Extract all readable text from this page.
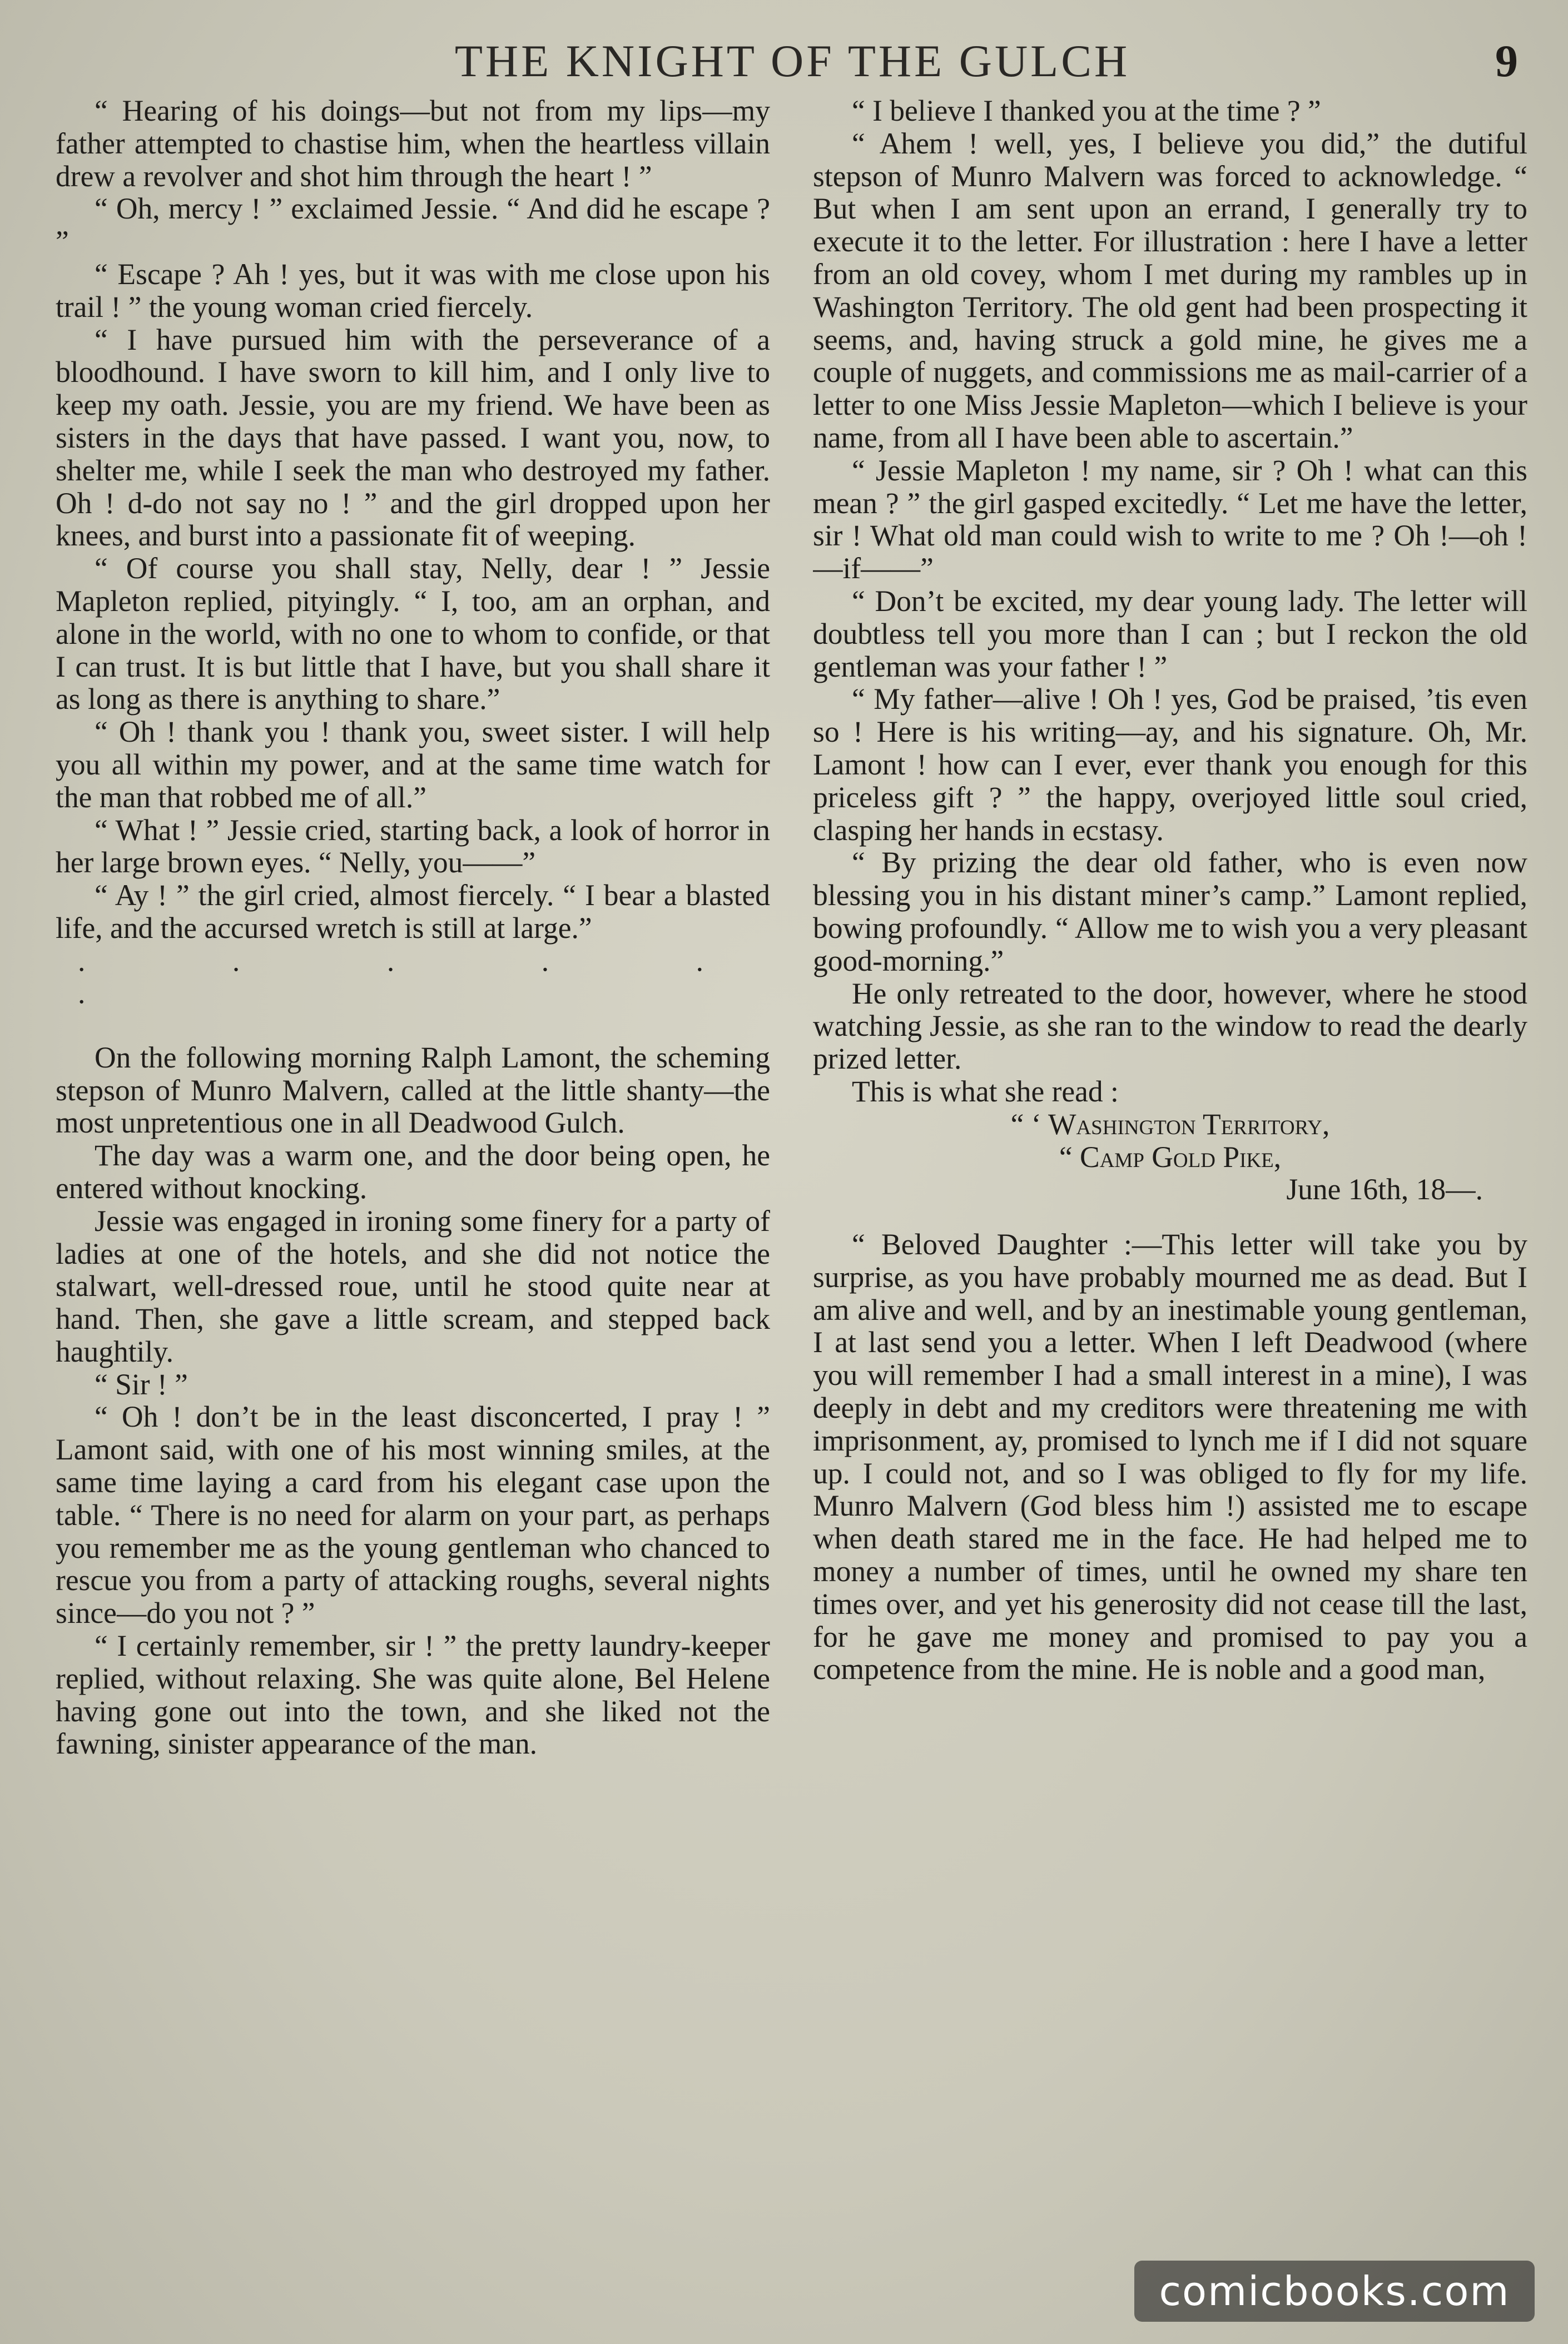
THE KNIGHT OF THE GULCH	9

“ Hearing of his doings—but not from my lips—my father attempted to chastise him, when the heartless villain drew a revolver and shot him through the heart ! ”

“ Oh, mercy ! ” exclaimed Jessie. “ And did he escape ? ”

“ Escape ? Ah ! yes, but it was with me close upon his trail ! ” the young woman cried fiercely.

“ I have pursued him with the perseverance of a bloodhound. I have sworn to kill him, and I only live to keep my oath. Jessie, you are my friend. We have been as sisters in the days that have passed. I want you, now, to shelter me, while I seek the man who destroyed my father. Oh ! d-do not say no ! ” and the girl dropped upon her knees, and burst into a passionate fit of weeping.

“ Of course you shall stay, Nelly, dear ! ” Jessie Mapleton replied, pityingly. “ I, too, am an orphan, and alone in the world, with no one to whom to confide, or that I can trust. It is but little that I have, but you shall share it as long as there is anything to share.”

“ Oh ! thank you ! thank you, sweet sister. I will help you all within my power, and at the same time watch for the man that robbed me of all.”

“ What ! ” Jessie cried, starting back, a look of horror in her large brown eyes. “ Nelly, you——”

“ Ay ! ” the girl cried, almost fiercely. “ I bear a blasted life, and the accursed wretch is still at large.”

. . . . . .

On the following morning Ralph Lamont, the scheming stepson of Munro Malvern, called at the little shanty—the most unpretentious one in all Deadwood Gulch.

The day was a warm one, and the door being open, he entered without knocking.

Jessie was engaged in ironing some finery for a party of ladies at one of the hotels, and she did not notice the stalwart, well-dressed roue, until he stood quite near at hand. Then, she gave a little scream, and stepped back haughtily.

“ Sir ! ”

“ Oh ! don’t be in the least disconcerted, I pray ! ” Lamont said, with one of his most winning smiles, at the same time laying a card from his elegant case upon the table. “ There is no need for alarm on your part, as perhaps you remember me as the young gentleman who chanced to rescue you from a party of attacking roughs, several nights since—do you not ? ”

“ I certainly remember, sir ! ” the pretty laundry-keeper replied, without relaxing. She was quite alone, Bel Helene having gone out into the town, and she liked not the fawning, sinister appearance of the man.

“ I believe I thanked you at the time ? ”

“ Ahem ! well, yes, I believe you did,” the dutiful stepson of Munro Malvern was forced to acknowledge. “ But when I am sent upon an errand, I generally try to execute it to the letter. For illustration : here I have a letter from an old covey, whom I met during my rambles up in Washington Territory. The old gent had been prospecting it seems, and, having struck a gold mine, he gives me a couple of nuggets, and commissions me as mail-carrier of a letter to one Miss Jessie Mapleton—which I believe is your name, from all I have been able to ascertain.”

“ Jessie Mapleton ! my name, sir ? Oh ! what can this mean ? ” the girl gasped excitedly. “ Let me have the letter, sir ! What old man could wish to write to me ? Oh !—oh !—if——”

“ Don’t be excited, my dear young lady. The letter will doubtless tell you more than I can ; but I reckon the old gentleman was your father ! ”

“ My father—alive ! Oh ! yes, God be praised, ’tis even so ! Here is his writing—ay, and his signature. Oh, Mr. Lamont ! how can I ever, ever thank you enough for this priceless gift ? ” the happy, overjoyed little soul cried, clasping her hands in ecstasy.

“ By prizing the dear old father, who is even now blessing you in his distant miner’s camp.” Lamont replied, bowing profoundly. “ Allow me to wish you a very pleasant good-morning.”

He only retreated to the door, however, where he stood watching Jessie, as she ran to the window to read the dearly prized letter.

This is what she read :

“ ‘ Washington Territory,

“ Camp Gold Pike,

June 16th, 18—.

“ Beloved Daughter :—This letter will take you by surprise, as you have probably mourned me as dead. But I am alive and well, and by an inestimable young gentleman, I at last send you a letter. When I left Deadwood (where you will remember I had a small interest in a mine), I was deeply in debt and my creditors were threatening me with imprisonment, ay, promised to lynch me if I did not square up. I could not, and so I was obliged to fly for my life. Munro Malvern (God bless him !) assisted me to escape when death stared me in the face. He had helped me to money a number of times, until he owned my share ten times over, and yet his generosity did not cease till the last, for he gave me money and promised to pay you a competence from the mine. He is noble and a good man,

comicbooks.com
